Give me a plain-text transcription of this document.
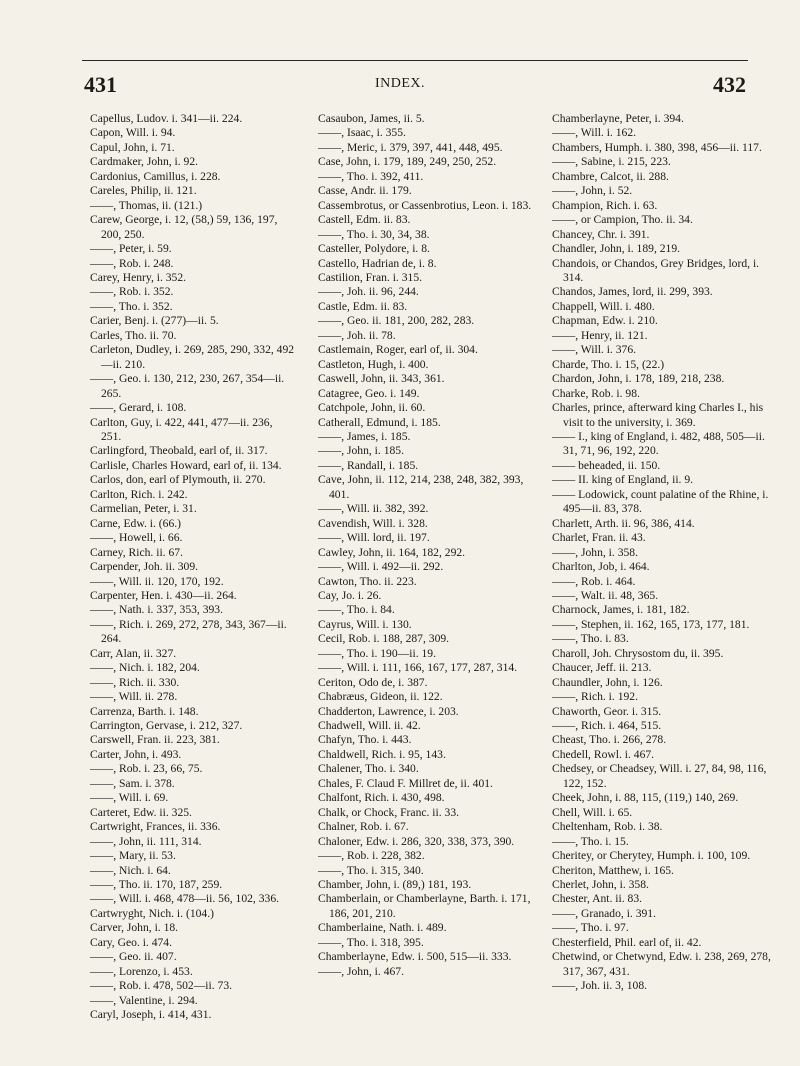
431	INDEX.	432

Capellus, Ludov. i. 341—ii. 224.

Capon, Will. i. 94.

Capul, John, i. 71.

Cardmaker, John, i. 92.

Cardonius, Camillus, i. 228.

Careles, Philip, ii. 121.

——, Thomas, ii. (121.)

Carew, George, i. 12, (58,) 59, 136, 197, 200, 250.

——, Peter, i. 59.

——, Rob. i. 248.

Carey, Henry, i. 352.

——, Rob. i. 352.

——, Tho. i. 352.

Carier, Benj. i. (277)—ii. 5.

Carles, Tho. ii. 70.

Carleton, Dudley, i. 269, 285, 290, 332, 492—ii. 210.

——, Geo. i. 130, 212, 230, 267, 354—ii. 265.

——, Gerard, i. 108.

Carlton, Guy, i. 422, 441, 477—ii. 236, 251.

Carlingford, Theobald, earl of, ii. 317.

Carlisle, Charles Howard, earl of, ii. 134.

Carlos, don, earl of Plymouth, ii. 270.

Carlton, Rich. i. 242.

Carmelian, Peter, i. 31.

Carne, Edw. i. (66.)

——, Howell, i. 66.

Carney, Rich. ii. 67.

Carpender, Joh. ii. 309.

——, Will. ii. 120, 170, 192.

Carpenter, Hen. i. 430—ii. 264.

——, Nath. i. 337, 353, 393.

——, Rich. i. 269, 272, 278, 343, 367—ii. 264.

Carr, Alan, ii. 327.

——, Nich. i. 182, 204.

——, Rich. ii. 330.

——, Will. ii. 278.

Carrenza, Barth. i. 148.

Carrington, Gervase, i. 212, 327.

Carswell, Fran. ii. 223, 381.

Carter, John, i. 493.

——, Rob. i. 23, 66, 75.

——, Sam. i. 378.

——, Will. i. 69.

Carteret, Edw. ii. 325.

Cartwright, Frances, ii. 336.

——, John, ii. 111, 314.

——, Mary, ii. 53.

——, Nich. i. 64.

——, Tho. ii. 170, 187, 259.

——, Will. i. 468, 478—ii. 56, 102, 336.

Cartwryght, Nich. i. (104.)

Carver, John, i. 18.

Cary, Geo. i. 474.

——, Geo. ii. 407.

——, Lorenzo, i. 453.

——, Rob. i. 478, 502—ii. 73.

——, Valentine, i. 294.

Caryl, Joseph, i. 414, 431.

Casaubon, James, ii. 5.

——, Isaac, i. 355.

——, Meric, i. 379, 397, 441, 448, 495.

Case, John, i. 179, 189, 249, 250, 252.

——, Tho. i. 392, 411.

Casse, Andr. ii. 179.

Cassembrotus, or Cassenbrotius, Leon. i. 183.

Castell, Edm. ii. 83.

——, Tho. i. 30, 34, 38.

Casteller, Polydore, i. 8.

Castello, Hadrian de, i. 8.

Castilion, Fran. i. 315.

——, Joh. ii. 96, 244.

Castle, Edm. ii. 83.

——, Geo. ii. 181, 200, 282, 283.

——, Joh. ii. 78.

Castlemain, Roger, earl of, ii. 304.

Castleton, Hugh, i. 400.

Caswell, John, ii. 343, 361.

Catagree, Geo. i. 149.

Catchpole, John, ii. 60.

Catherall, Edmund, i. 185.

——, James, i. 185.

——, John, i. 185.

——, Randall, i. 185.

Cave, John, ii. 112, 214, 238, 248, 382, 393, 401.

——, Will. ii. 382, 392.

Cavendish, Will. i. 328.

——, Will. lord, ii. 197.

Cawley, John, ii. 164, 182, 292.

——, Will. i. 492—ii. 292.

Cawton, Tho. ii. 223.

Cay, Jo. i. 26.

——, Tho. i. 84.

Cayrus, Will. i. 130.

Cecil, Rob. i. 188, 287, 309.

——, Tho. i. 190—ii. 19.

——, Will. i. 111, 166, 167, 177, 287, 314.

Ceriton, Odo de, i. 387.

Chabræus, Gideon, ii. 122.

Chadderton, Lawrence, i. 203.

Chadwell, Will. ii. 42.

Chafyn, Tho. i. 443.

Chaldwell, Rich. i. 95, 143.

Chalener, Tho. i. 340.

Chales, F. Claud F. Millret de, ii. 401.

Chalfont, Rich. i. 430, 498.

Chalk, or Chock, Franc. ii. 33.

Chalner, Rob. i. 67.

Chaloner, Edw. i. 286, 320, 338, 373, 390.

——, Rob. i. 228, 382.

——, Tho. i. 315, 340.

Chamber, John, i. (89,) 181, 193.

Chamberlain, or Chamberlayne, Barth. i. 171, 186, 201, 210.

Chamberlaine, Nath. i. 489.

——, Tho. i. 318, 395.

Chamberlayne, Edw. i. 500, 515—ii. 333.

——, John, i. 467.

Chamberlayne, Peter, i. 394.

——, Will. i. 162.

Chambers, Humph. i. 380, 398, 456—ii. 117.

——, Sabine, i. 215, 223.

Chambre, Calcot, ii. 288.

——, John, i. 52.

Champion, Rich. i. 63.

——, or Campion, Tho. ii. 34.

Chancey, Chr. i. 391.

Chandler, John, i. 189, 219.

Chandois, or Chandos, Grey Bridges, lord, i. 314.

Chandos, James, lord, ii. 299, 393.

Chappell, Will. i. 480.

Chapman, Edw. i. 210.

——, Henry, ii. 121.

——, Will. i. 376.

Charde, Tho. i. 15, (22.)

Chardon, John, i. 178, 189, 218, 238.

Charke, Rob. i. 98.

Charles, prince, afterward king Charles I., his visit to the university, i. 369.

—— I., king of England, i. 482, 488, 505—ii. 31, 71, 96, 192, 220.

—— beheaded, ii. 150.

—— II. king of England, ii. 9.

—— Lodowick, count palatine of the Rhine, i. 495—ii. 83, 378.

Charlett, Arth. ii. 96, 386, 414.

Charlet, Fran. ii. 43.

——, John, i. 358.

Charlton, Job, i. 464.

——, Rob. i. 464.

——, Walt. ii. 48, 365.

Charnock, James, i. 181, 182.

——, Stephen, ii. 162, 165, 173, 177, 181.

——, Tho. i. 83.

Charoll, Joh. Chrysostom du, ii. 395.

Chaucer, Jeff. ii. 213.

Chaundler, John, i. 126.

——, Rich. i. 192.

Chaworth, Geor. i. 315.

——, Rich. i. 464, 515.

Cheast, Tho. i. 266, 278.

Chedell, Rowl. i. 467.

Chedsey, or Cheadsey, Will. i. 27, 84, 98, 116, 122, 152.

Cheek, John, i. 88, 115, (119,) 140, 269.

Chell, Will. i. 65.

Cheltenham, Rob. i. 38.

——, Tho. i. 15.

Cheritey, or Cherytey, Humph. i. 100, 109.

Cheriton, Matthew, i. 165.

Cherlet, John, i. 358.

Chester, Ant. ii. 83.

——, Granado, i. 391.

——, Tho. i. 97.

Chesterfield, Phil. earl of, ii. 42.

Chetwind, or Chetwynd, Edw. i. 238, 269, 278, 317, 367, 431.

——, Joh. ii. 3, 108.
